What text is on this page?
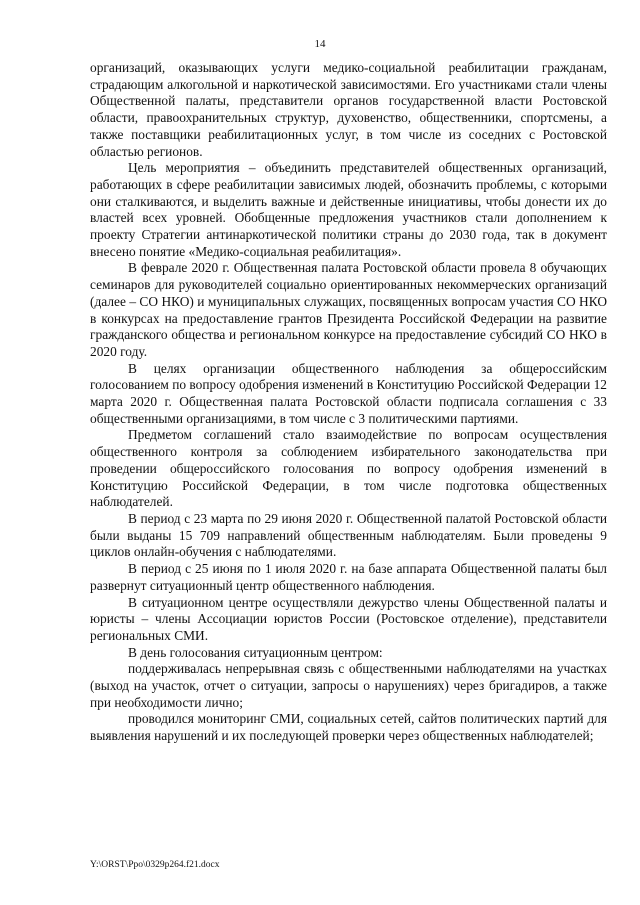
14

организаций, оказывающих услуги медико-социальной реабилитации гражданам, страдающим алкогольной и наркотической зависимостями. Его участниками стали члены Общественной палаты, представители органов государственной власти Ростовской области, правоохранительных структур, духовенство, общественники, спортсмены, а также поставщики реабилитационных услуг, в том числе из соседних с Ростовской областью регионов.

Цель мероприятия – объединить представителей общественных организаций, работающих в сфере реабилитации зависимых людей, обозначить проблемы, с которыми они сталкиваются, и выделить важные и действенные инициативы, чтобы донести их до властей всех уровней. Обобщенные предложения участников стали дополнением к проекту Стратегии антинаркотической политики страны до 2030 года, так в документ внесено понятие «Медико-социальная реабилитация».

В феврале 2020 г. Общественная палата Ростовской области провела 8 обучающих семинаров для руководителей социально ориентированных некоммерческих организаций (далее – СО НКО) и муниципальных служащих, посвященных вопросам участия СО НКО в конкурсах на предоставление грантов Президента Российской Федерации на развитие гражданского общества и региональном конкурсе на предоставление субсидий СО НКО в 2020 году.

В целях организации общественного наблюдения за общероссийским голосованием по вопросу одобрения изменений в Конституцию Российской Федерации 12 марта 2020 г. Общественная палата Ростовской области подписала соглашения с 33 общественными организациями, в том числе с 3 политическими партиями.

Предметом соглашений стало взаимодействие по вопросам осуществления общественного контроля за соблюдением избирательного законодательства при проведении общероссийского голосования по вопросу одобрения изменений в Конституцию Российской Федерации, в том числе подготовка общественных наблюдателей.

В период с 23 марта по 29 июня 2020 г. Общественной палатой Ростовской области были выданы 15 709 направлений общественным наблюдателям. Были проведены 9 циклов онлайн-обучения с наблюдателями.

В период с 25 июня по 1 июля 2020 г. на базе аппарата Общественной палаты был развернут ситуационный центр общественного наблюдения.

В ситуационном центре осуществляли дежурство члены Общественной палаты и юристы – члены Ассоциации юристов России (Ростовское отделение), представители региональных СМИ.

В день голосования ситуационным центром:

поддерживалась непрерывная связь с общественными наблюдателями на участках (выход на участок, отчет о ситуации, запросы о нарушениях) через бригадиров, а также при необходимости лично;

проводился мониторинг СМИ, социальных сетей, сайтов политических партий для выявления нарушений и их последующей проверки через общественных наблюдателей;

Y:\ORST\Ppo\0329p264.f21.docx
